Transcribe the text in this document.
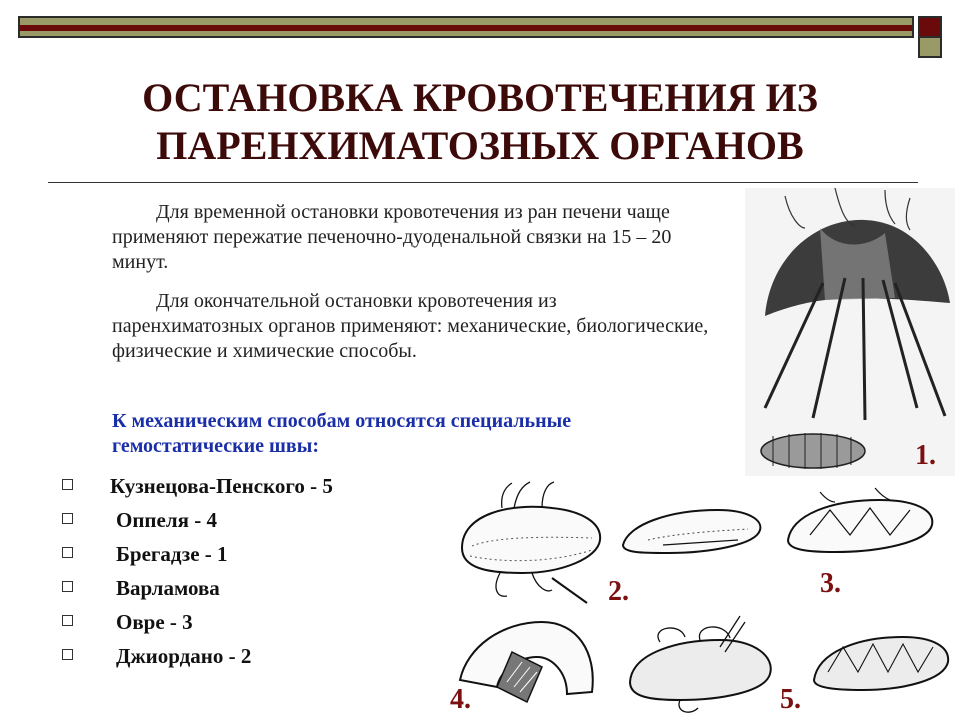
ОСТАНОВКА КРОВОТЕЧЕНИЯ ИЗ
ПАРЕНХИМАТОЗНЫХ ОРГАНОВ
Для временной остановки кровотечения из ран печени чаще применяют пережатие печеночно-дуоденальной связки на 15 – 20 минут.
Для окончательной остановки кровотечения из паренхиматозных органов применяют: механические, биологические, физические и химические способы.
К механическим способам относятся специальные гемостатические швы:
Кузнецова-Пенского - 5
Оппеля - 4
Брегадзе - 1
Варламова
Овре - 3
Джиордано - 2
1.
2.	3.
4.	5.
